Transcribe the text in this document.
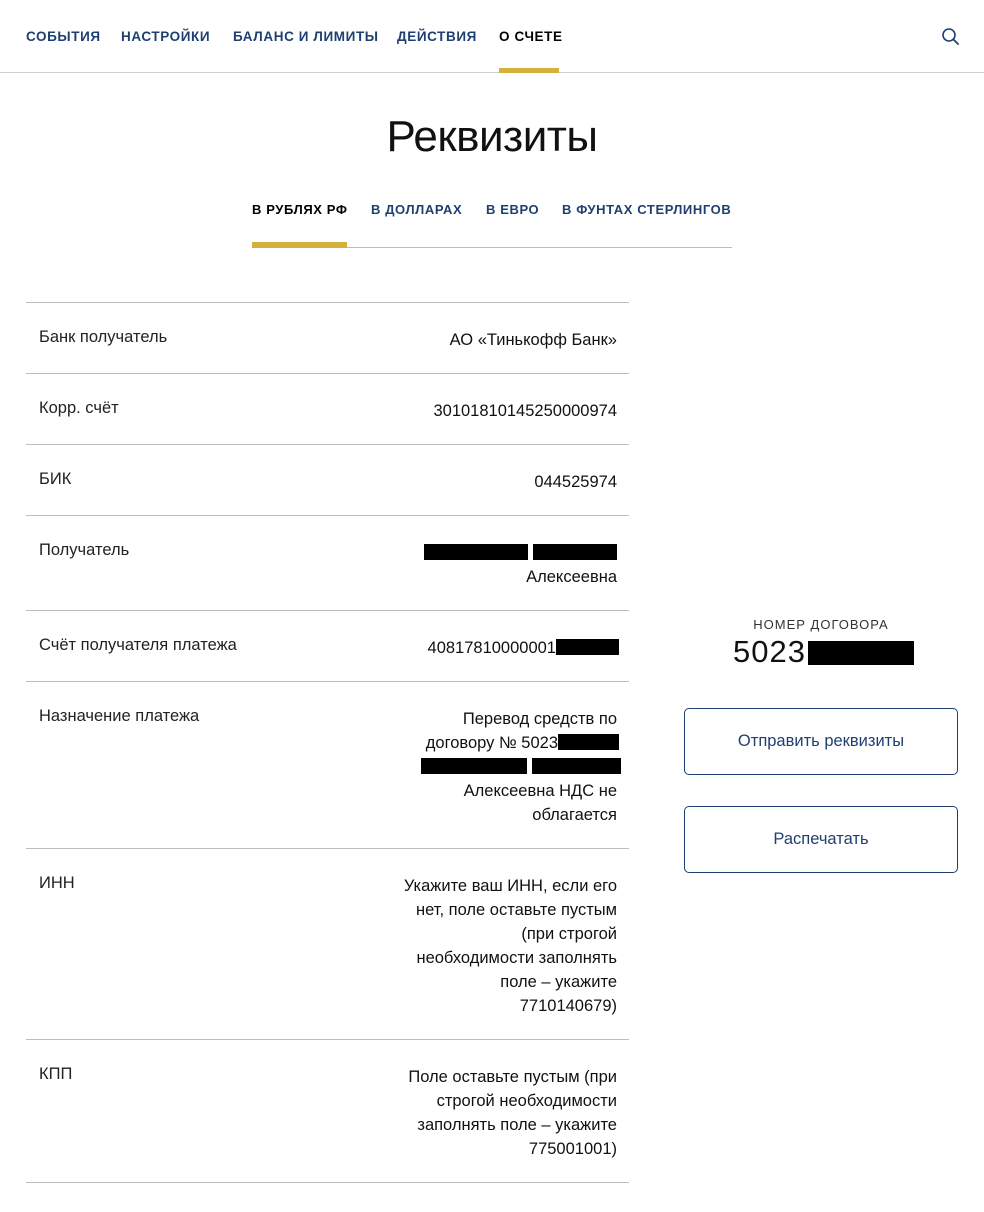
СОБЫТИЯ НАСТРОЙКИ БАЛАНС И ЛИМИТЫ ДЕЙСТВИЯ О СЧЕТЕ
Реквизиты
В РУБЛЯХ РФ В ДОЛЛАРАХ В ЕВРО В ФУНТАХ СТЕРЛИНГОВ
Банк получатель	АО «Тинькофф Банк»
Корр. счёт	30101810145250000974
БИК	044525974
Получатель

Алексеевна
Счёт получателя платежа	40817810000001
Назначение платежа	Перевод средств по
договору № 5023

Алексеевна НДС не
облагается
ИНН	Укажите ваш ИНН, если его
нет, поле оставьте пустым
(при строгой
необходимости заполнять
поле – укажите
7710140679)
КПП	Поле оставьте пустым (при
строгой необходимости
заполнять поле – укажите
775001001)
НОМЕР ДОГОВОРА
5023
Отправить реквизиты
Распечатать
